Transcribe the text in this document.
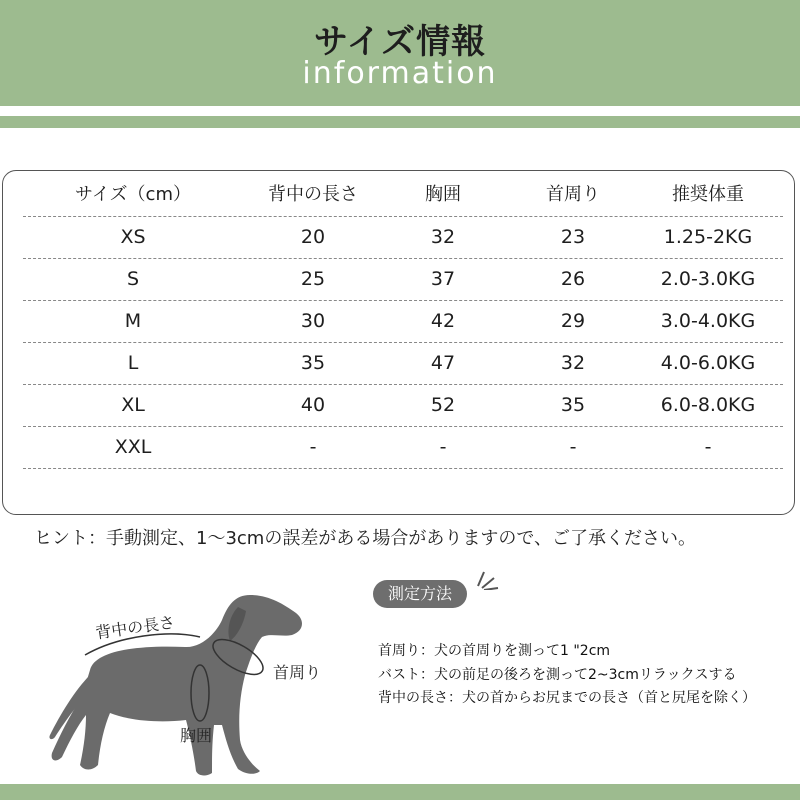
サイズ情報
information
サイズ（cm）	背中の長さ	胸囲	首周り	推奨体重
XS	20	32	23	1.25-2KG
S	25	37	26	2.0-3.0KG
M	30	42	29	3.0-4.0KG
L	35	47	32	4.0-6.0KG
XL	40	52	35	6.0-8.0KG
XXL	-	-	-	-
ヒント：手動測定、1～3cmの誤差がある場合がありますので、ご了承ください。
背中の長さ
首周り
胸囲
測定方法
首周り：犬の首周りを測って1 "2cm
バスト：犬の前足の後ろを測って2~3cmリラックスする
背中の長さ：犬の首からお尻までの長さ（首と尻尾を除く）
